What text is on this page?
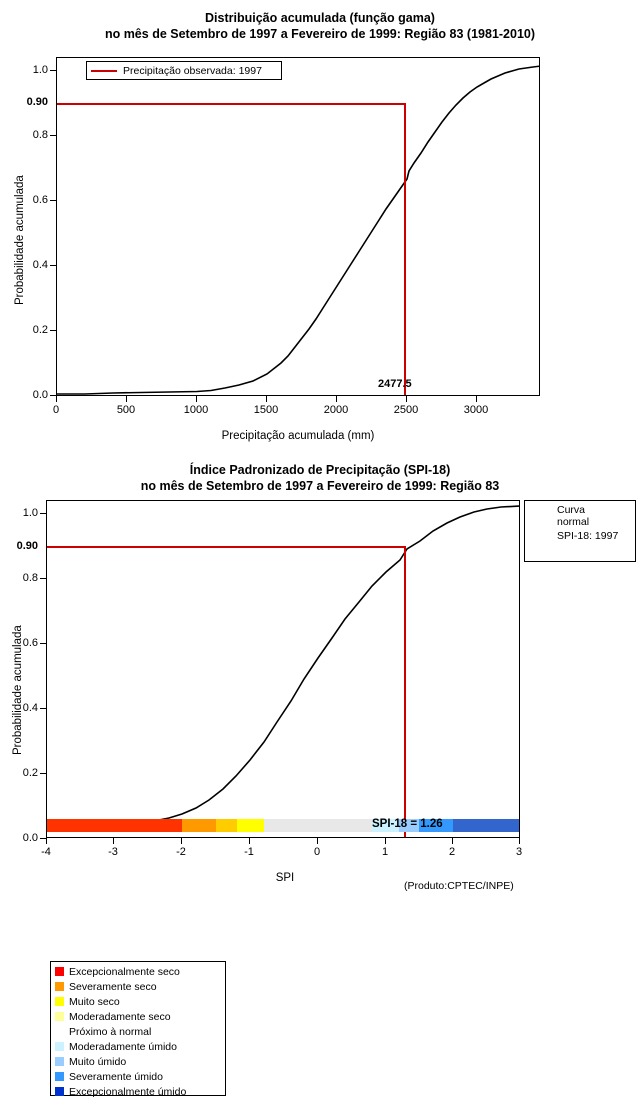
Distribuição acumulada (função gama)
no mês de Setembro de 1997 a Fevereiro de 1999: Região 83 (1981-2010)
Probabilidade acumulada
0.0
0.2
0.4
0.6
0.8
1.0
0.90
2477.5
Precipitação observada: 1997
0	500	1000	1500	2000	2500	3000
Precipitação acumulada (mm)
Índice Padronizado de Precipitação (SPI-18)
no mês de Setembro de 1997 a Fevereiro de 1999: Região 83
Probabilidade acumulada
0.0
0.2
0.4
0.6
0.8
1.0
0.90
SPI-18 = 1.26
Excepcionalmente seco
Severamente seco
Muito seco
Moderadamente seco
Próximo à normal
Moderadamente úmido
Muito úmido
Severamente úmido
Excepcionalmente úmido
Curva
normal
SPI-18: 1997
-4	-3	-2	-1	0	1	2	3
SPI
(Produto:CPTEC/INPE)
